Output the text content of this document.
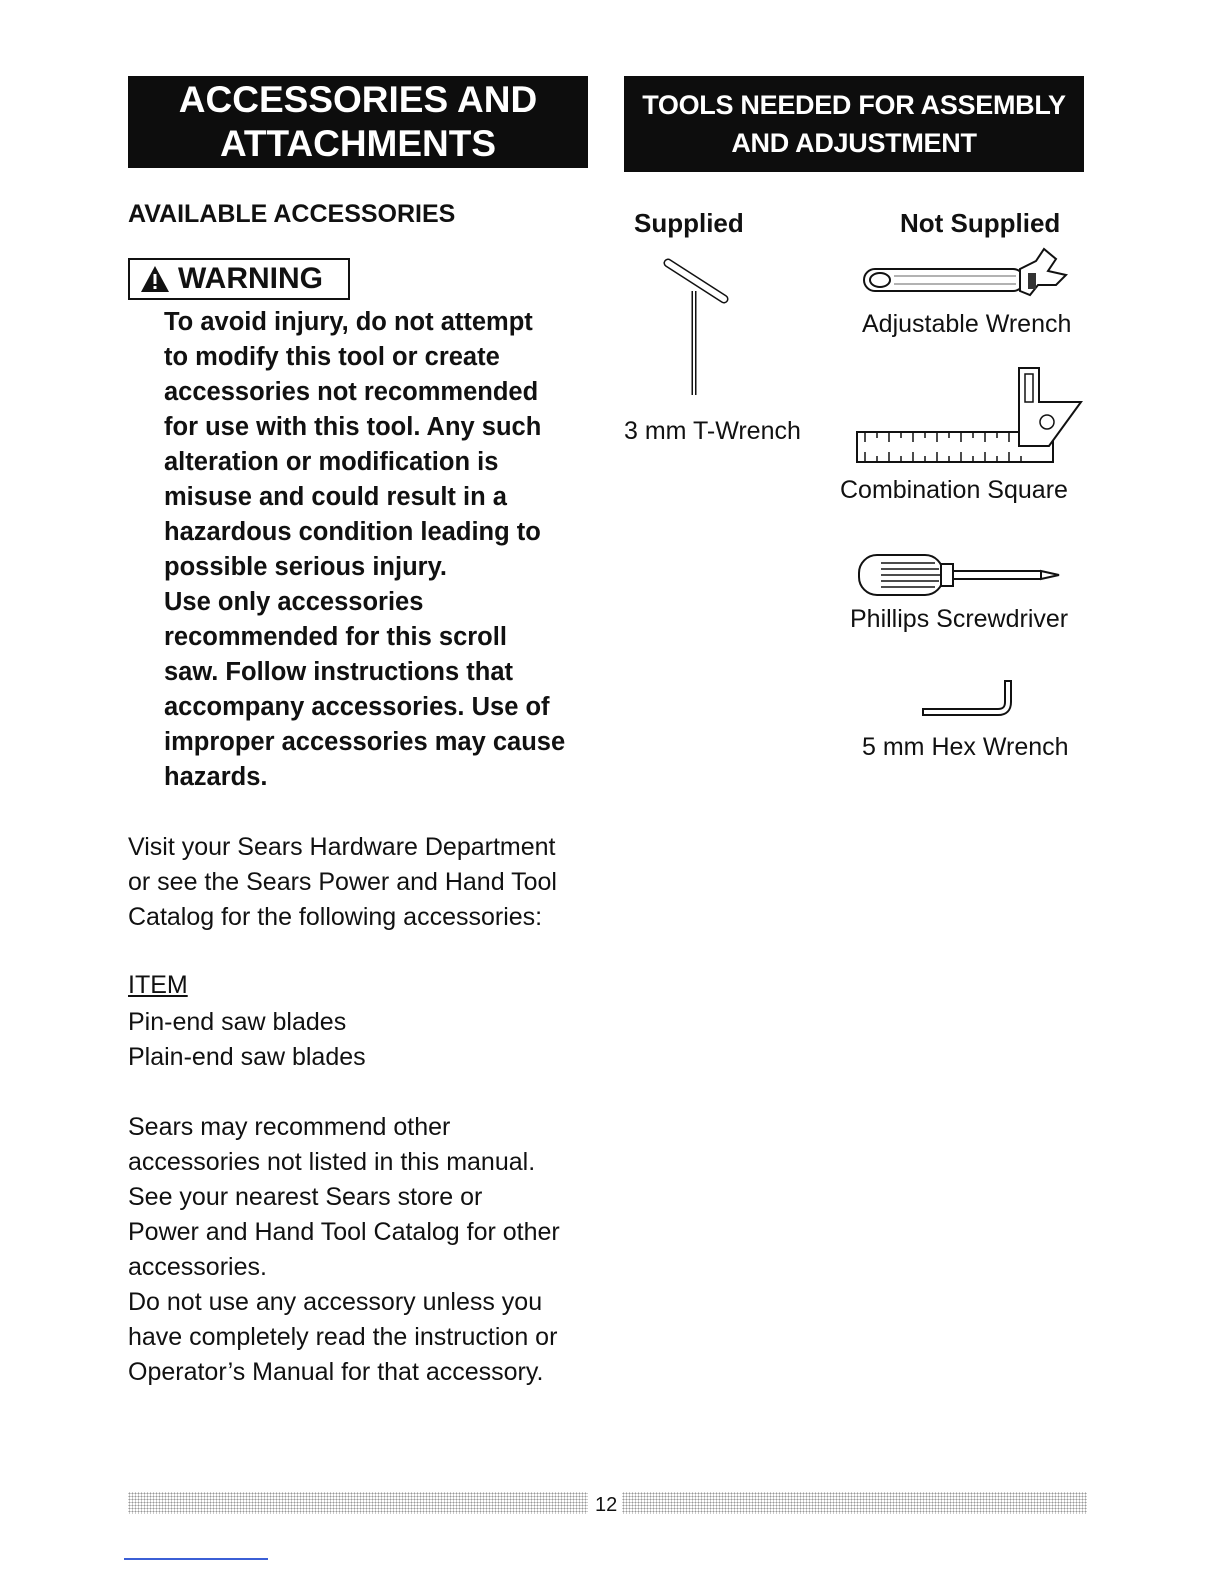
ACCESSORIES AND
ATTACHMENTS
TOOLS NEEDED FOR ASSEMBLY
AND ADJUSTMENT
AVAILABLE ACCESSORIES
WARNING
To avoid injury, do not attempt
to modify this tool or create
accessories not recommended
for use with this tool. Any such
alteration or modification is
misuse and could result in a
hazardous condition leading to
possible serious injury.
Use only accessories
recommended for this scroll
saw. Follow instructions that
accompany accessories. Use of
improper accessories may cause
hazards.
Visit your Sears Hardware Department
or see the Sears Power and Hand Tool
Catalog for the following accessories:
ITEM
Pin-end saw blades
Plain-end saw blades
Sears may recommend other
accessories not listed in this manual.
See your nearest Sears store or
Power and Hand Tool Catalog for other
accessories.
Do not use any accessory unless you
have completely read the instruction or
Operator’s Manual for that accessory.
Supplied	Not Supplied
3 mm T-Wrench
Adjustable Wrench
Combination Square
Phillips Screwdriver
5 mm Hex Wrench
12
